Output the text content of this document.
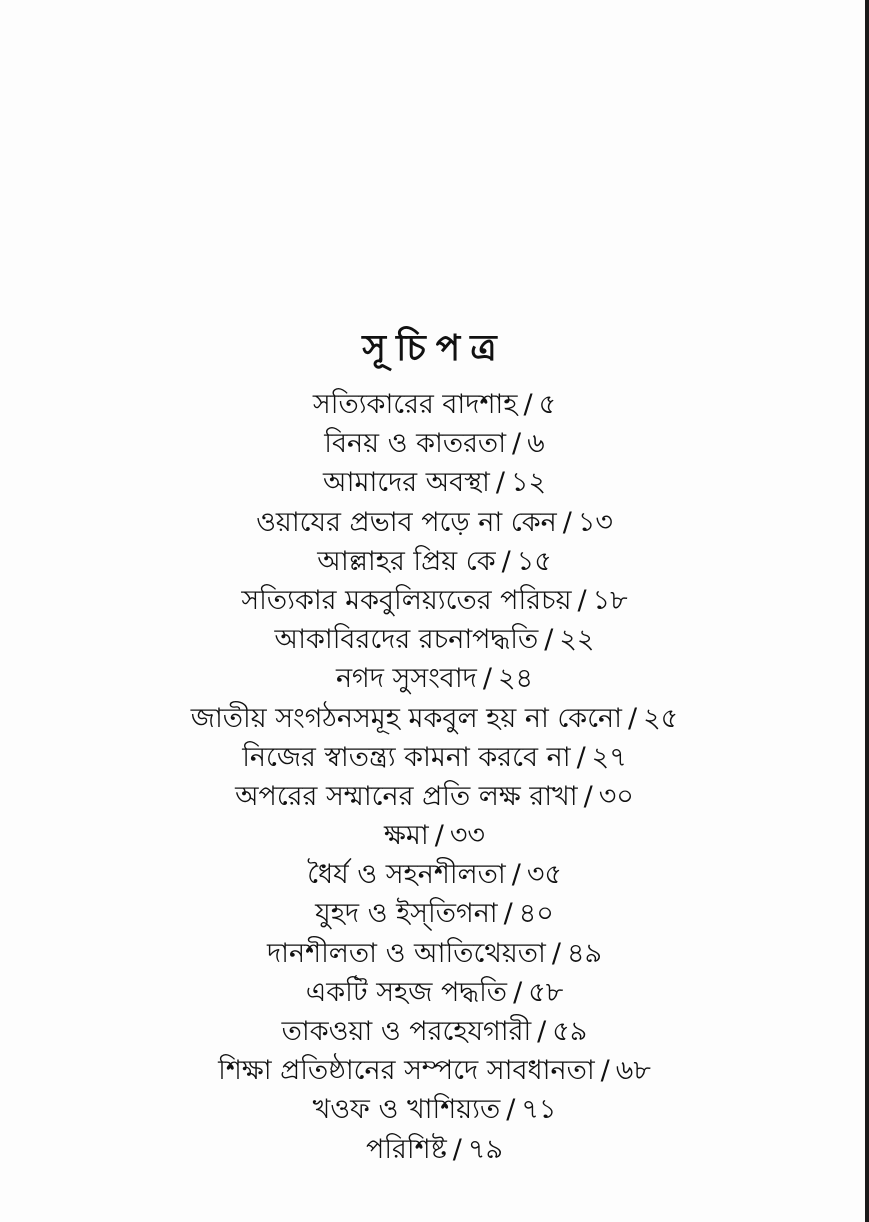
সূচিপত্র
সত্যিকারের বাদশাহ / ৫
বিনয় ও কাতরতা / ৬
আমাদের অবস্থা / ১২
ওয়াযের প্রভাব পড়ে না কেন / ১৩
আল্লাহর প্রিয় কে / ১৫
সত্যিকার মকবুলিয়্যতের পরিচয় / ১৮
আকাবিরদের রচনাপদ্ধতি / ২২
নগদ সুসংবাদ / ২৪
জাতীয় সংগঠনসমূহ মকবুল হয় না কেনো / ২৫
নিজের স্বাতন্ত্র্য কামনা করবে না / ২৭
অপরের সম্মানের প্রতি লক্ষ রাখা / ৩০
ক্ষমা / ৩৩
ধৈর্য ও সহনশীলতা / ৩৫
যুহদ ও ইস্‌তিগনা / ৪০
দানশীলতা ও আতিথেয়তা / ৪৯
একটি সহজ পদ্ধতি / ৫৮
তাকওয়া ও পরহেযগারী / ৫৯
শিক্ষা প্রতিষ্ঠানের সম্পদে সাবধানতা / ৬৮
খওফ ও খাশিয়্যত / ৭১
পরিশিষ্ট / ৭৯
